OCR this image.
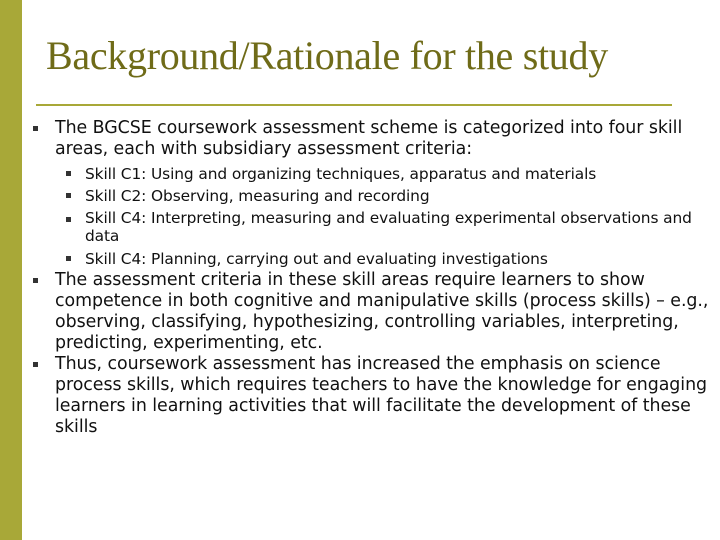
Background/Rationale for the study
The BGCSE coursework assessment scheme is categorized into four skill areas, each with subsidiary assessment criteria:
Skill C1: Using and organizing techniques, apparatus and materials
Skill C2: Observing, measuring and recording
Skill C4: Interpreting, measuring and evaluating experimental observations and data
Skill C4: Planning, carrying out and evaluating investigations
The assessment criteria in these skill areas require learners to show competence in both cognitive and manipulative skills (process skills) – e.g., observing, classifying, hypothesizing, controlling variables, interpreting, predicting, experimenting, etc.
Thus, coursework assessment has increased the emphasis on science process skills, which requires teachers to have the knowledge for engaging learners in learning activities that will facilitate the development of these skills
